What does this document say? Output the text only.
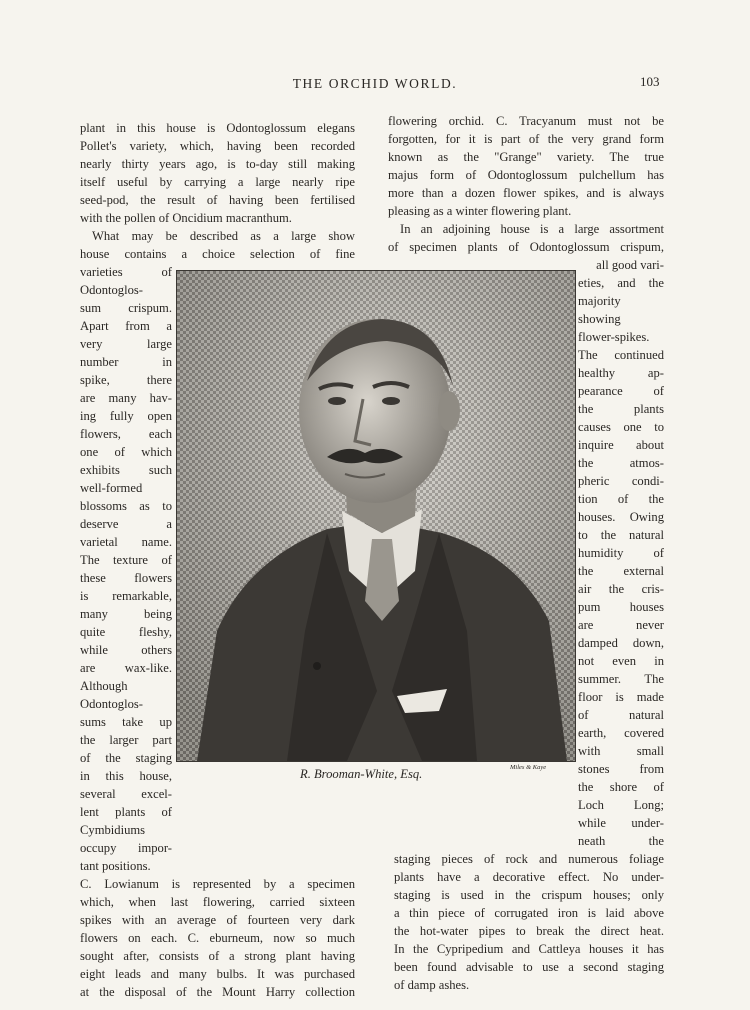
THE ORCHID WORLD.	103
plant in this house is Odontoglossum elegans
Pollet's variety, which, having been recorded
nearly thirty years ago, is to-day still making
itself useful by carrying a large nearly ripe
seed-pod, the result of having been fertilised
with the pollen of Oncidium macranthum.
What may be described as a large show
house contains a choice selection of fine
varieties of
Odontoglos-
sum crispum.
Apart from a
very large
number in
spike, there
are many hav-
ing fully open
flowers, each
one of which
exhibits such
well-formed
blossoms as to
deserve a
varietal name.
The texture of
these flowers
is remarkable,
many being
quite fleshy,
while others
are wax-like.
Although
Odontoglos-
sums take up
the larger part
of the staging
in this house,
several excel-
lent plants of
Cymbidiums
occupy impor-
tant positions.
C. Lowianum is represented by a specimen
which, when last flowering, carried sixteen
spikes with an average of fourteen very dark
flowers on each. C. eburneum, now so much
sought after, consists of a strong plant having
eight leads and many bulbs. It was purchased
at the disposal of the Mount Harry collection
flowering orchid. C. Tracyanum must not be
forgotten, for it is part of the very grand form
known as the "Grange" variety. The true
majus form of Odontoglossum pulchellum has
more than a dozen flower spikes, and is always
pleasing as a winter flowering plant.
In an adjoining house is a large assortment
of specimen plants of Odontoglossum crispum,
all good vari-
eties, and the
majority
showing
flower-spikes.
The continued
healthy ap-
pearance of
the plants
causes one to
inquire about
the atmos-
pheric condi-
tion of the
houses. Owing
to the natural
humidity of
the external
air the cris-
pum houses
are never
damped down,
not even in
summer. The
floor is made
of natural
earth, covered
with small
stones from
the shore of
Loch Long;
while under-
neath the
staging pieces of rock and numerous foliage
plants have a decorative effect. No under-
staging is used in the crispum houses; only
a thin piece of corrugated iron is laid above
the hot-water pipes to break the direct heat.
In the Cypripedium and Cattleya houses it has
been found advisable to use a second staging
of damp ashes.
R. Brooman-White, Esq.	Miles & Kaye
